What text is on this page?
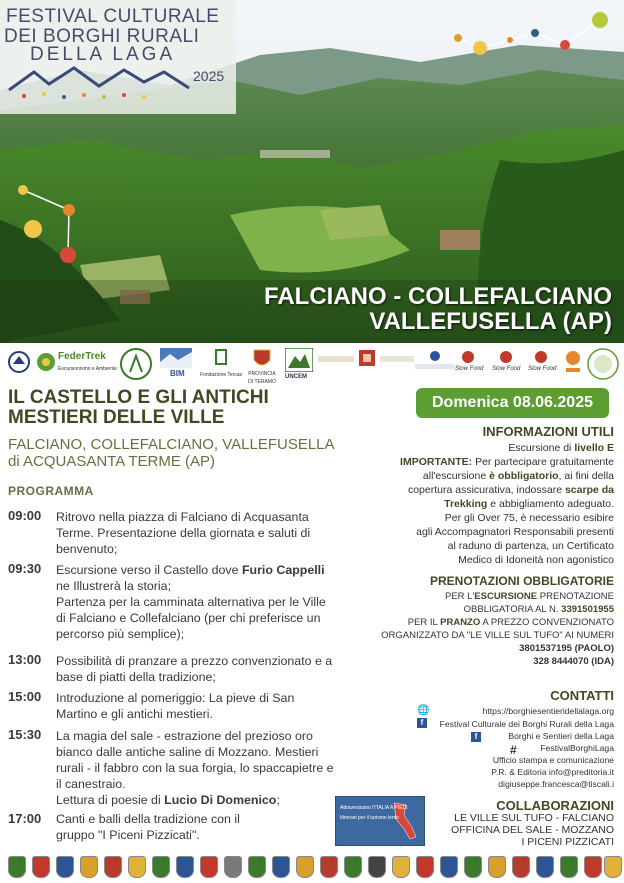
FESTIVAL CULTURALE
DEI BORGHI RURALI
DELLA LAGA
2025
FALCIANO - COLLEFALCIANO
VALLEFUSELLA (AP)
FederTrek
Escursionismo e Ambiente	BIM	Fondazione Tercas	PROVINCIA DI TERAMO
UNCEM
.
Slow Food Slow Food Slow Food
IL CASTELLO E GLI ANTICHI
MESTIERI DELLE VILLE
FALCIANO, COLLEFALCIANO, VALLEFUSELLA
di ACQUASANTA TERME (AP)
PROGRAMMA
09:00 Ritrovo nella piazza di Falciano di Acquasanta Terme. Presentazione della giornata e saluti di benvenuto;
09:30 Escursione verso il Castello dove Furio Cappelli ne Illustrerà la storia;
Partenza per la camminata alternativa per le Ville di Falciano e Collefalciano (per chi preferisce un percorso più semplice);
13:00 Possibilità di pranzare a prezzo convenzionato e a base di piatti della tradizione;
15:00 Introduzione al pomeriggio: La pieve di San Martino e gli antichi mestieri.
15:30 La magia del sale - estrazione del prezioso oro bianco dalle antiche saline di Mozzano. Mestieri rurali - il fabbro con la sua forgia, lo spaccapietre e il canestraio.
Lettura di poesie di Lucio Di Domenico;
17:00 Canti e balli della tradizione con il gruppo "I Piceni Pizzicati".
Attraversiamo l'ITALIA A PIEDI
Itinerari per il turismo lento
Domenica 08.06.2025
INFORMAZIONI UTILI
Escursione di livello E
IMPORTANTE: Per partecipare gratuitamente
all'escursione è obbligatorio, ai fini della
copertura assicurativa, indossare scarpe da
Trekking e abbigliamento adeguato.
Per gli Over 75, è necessario esibire
agli Accompagnatori Responsabili presenti
al raduno di partenza, un Certificato
Medico di Idoneità non agonistico
PRENOTAZIONI OBBLIGATORIE
PER L'ESCURSIONE PRENOTAZIONE
OBBLIGATORIA AL N. 3391501955
PER IL PRANZO A PREZZO CONVENZIONATO
ORGANIZZATO DA "LE VILLE SUL TUFO" AI NUMERI
3801537195 (PAOLO)
328 8444070 (IDA)
CONTATTI
🌐	https://borghiesentieridellalaga.org
f	Festival Culturale dei Borghi Rurali della Laga
f	Borghi e Sentieri della Laga
#	FestivalBorghiLaga
Ufficio stampa e comunicazione
P.R. & Editoria info@preditoria.it
digiuseppe.francesca@tiscali.i
COLLABORAZIONI
LE VILLE SUL TUFO - FALCIANO
OFFICINA DEL SALE - MOZZANO
I PICENI PIZZICATI
